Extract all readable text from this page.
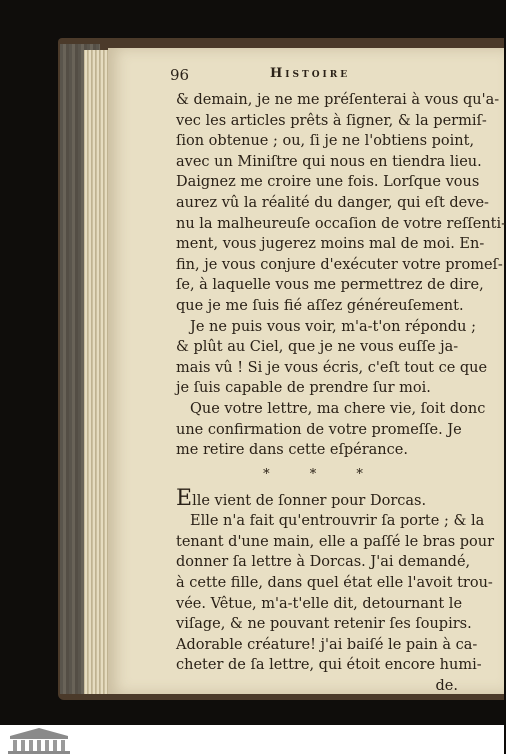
96	Histoire
& demain, je ne me préſenterai à vous qu'a-
vec les articles prêts à ſigner, & la permiſ-
ſion obtenue ; ou, ſi je ne l'obtiens point,
avec un Miniſtre qui nous en tiendra lieu.
Daignez me croire une fois. Lorſque vous
aurez vû la réalité du danger, qui eſt deve-
nu la malheureuſe occaſion de votre reſſenti-
ment, vous jugerez moins mal de moi. En-
fin, je vous conjure d'exécuter votre promeſ-
ſe, à laquelle vous me permettrez de dire,
que je me ſuis fié aſſez généreuſement.
Je ne puis vous voir, m'a-t'on répondu ;
& plût au Ciel, que je ne vous euſſe ja-
mais vû ! Si je vous écris, c'eſt tout ce que
je ſuis capable de prendre ſur moi.
Que votre lettre, ma chere vie, ſoit donc
une confirmation de votre promeſſe. Je
me retire dans cette eſpérance.
* * *
Elle vient de ſonner pour Dorcas.
Elle n'a fait qu'entrouvrir ſa porte ; & la
tenant d'une main, elle a paſſé le bras pour
donner ſa lettre à Dorcas. J'ai demandé,
à cette fille, dans quel état elle l'avoit trou-
vée. Vêtue, m'a-t'elle dit, detournant le
viſage, & ne pouvant retenir ſes ſoupirs.
Adorable créature! j'ai baiſé le pain à ca-
cheter de ſa lettre, qui étoit encore humi-
de.
